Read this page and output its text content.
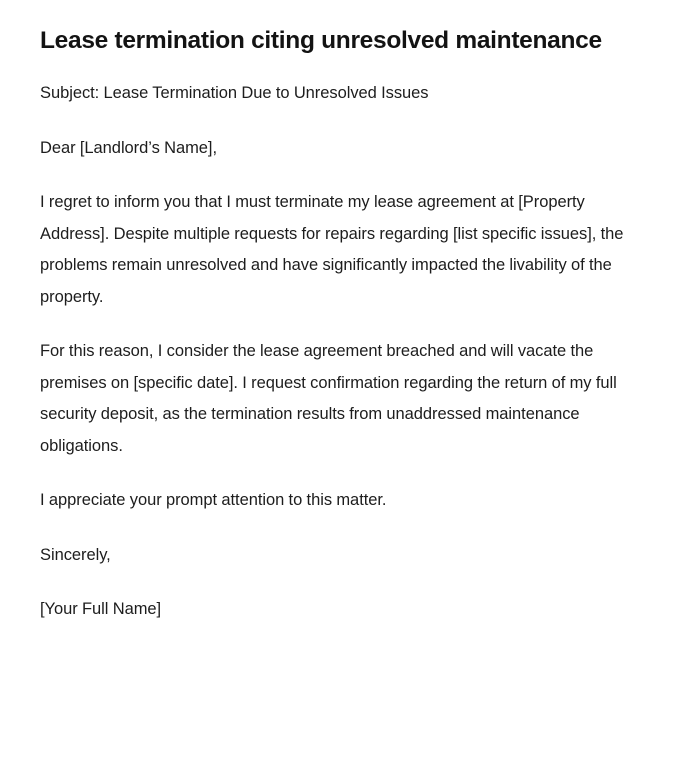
Lease termination citing unresolved maintenance

Subject: Lease Termination Due to Unresolved Issues

Dear [Landlord’s Name],

I regret to inform you that I must terminate my lease agreement at [Property Address]. Despite multiple requests for repairs regarding [list specific issues], the problems remain unresolved and have significantly impacted the livability of the property.

For this reason, I consider the lease agreement breached and will vacate the premises on [specific date]. I request confirmation regarding the return of my full security deposit, as the termination results from unaddressed maintenance obligations.

I appreciate your prompt attention to this matter.

Sincerely,

[Your Full Name]
